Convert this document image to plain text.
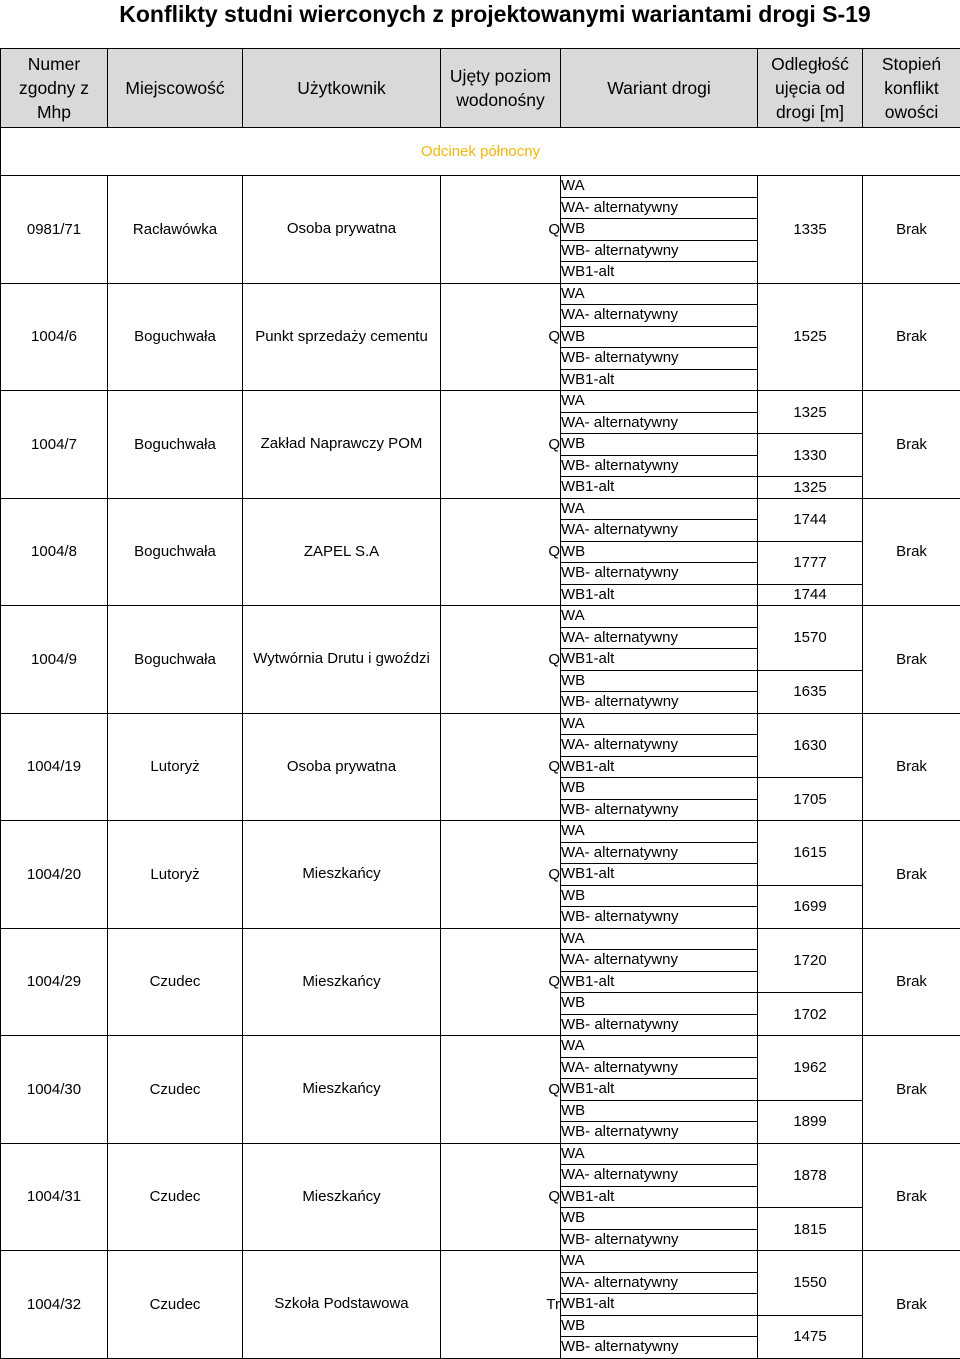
Konflikty studni wierconych z projektowanymi wariantami drogi S-19
Numer zgodny z Mhp	Miejscowość	Użytkownik	Ujęty poziom wodonośny	Wariant drogi	Odległość ujęcia od drogi [m]	Stopień konflikt owości
Odcinek północny						
0981/71	Racławówka	Osoba prywatna	Q	WA	1335	Brak
				WA- alternatywny		
				WB		
				WB- alternatywny		
				WB1-alt		
1004/6	Boguchwała	Punkt sprzedaży cementu	Q	WA	1525	Brak
				WA- alternatywny		
				WB		
				WB- alternatywny		
				WB1-alt		
1004/7	Boguchwała	Zakład Naprawczy POM	Q	WA	1325	Brak
				WA- alternatywny		
				WB	1330	
				WB- alternatywny		
				WB1-alt	1325	
1004/8	Boguchwała	ZAPEL S.A	Q	WA	1744	Brak
				WA- alternatywny		
				WB	1777	
				WB- alternatywny		
				WB1-alt	1744	
1004/9	Boguchwała	Wytwórnia Drutu i gwoździ	Q	WA	1570	Brak
				WA- alternatywny		
				WB1-alt		
				WB	1635	
				WB- alternatywny		
1004/19	Lutoryż	Osoba prywatna	Q	WA	1630	Brak
				WA- alternatywny		
				WB1-alt		
				WB	1705	
				WB- alternatywny		
1004/20	Lutoryż	Mieszkańcy	Q	WA	1615	Brak
				WA- alternatywny		
				WB1-alt		
				WB	1699	
				WB- alternatywny		
1004/29	Czudec	Mieszkańcy	Q	WA	1720	Brak
				WA- alternatywny		
				WB1-alt		
				WB	1702	
				WB- alternatywny		
1004/30	Czudec	Mieszkańcy	Q	WA	1962	Brak
				WA- alternatywny		
				WB1-alt		
				WB	1899	
				WB- alternatywny		
1004/31	Czudec	Mieszkańcy	Q	WA	1878	Brak
				WA- alternatywny		
				WB1-alt		
				WB	1815	
				WB- alternatywny		
1004/32	Czudec	Szkoła Podstawowa	Tr	WA	1550	Brak
				WA- alternatywny		
				WB1-alt		
				WB	1475	
				WB- alternatywny		
